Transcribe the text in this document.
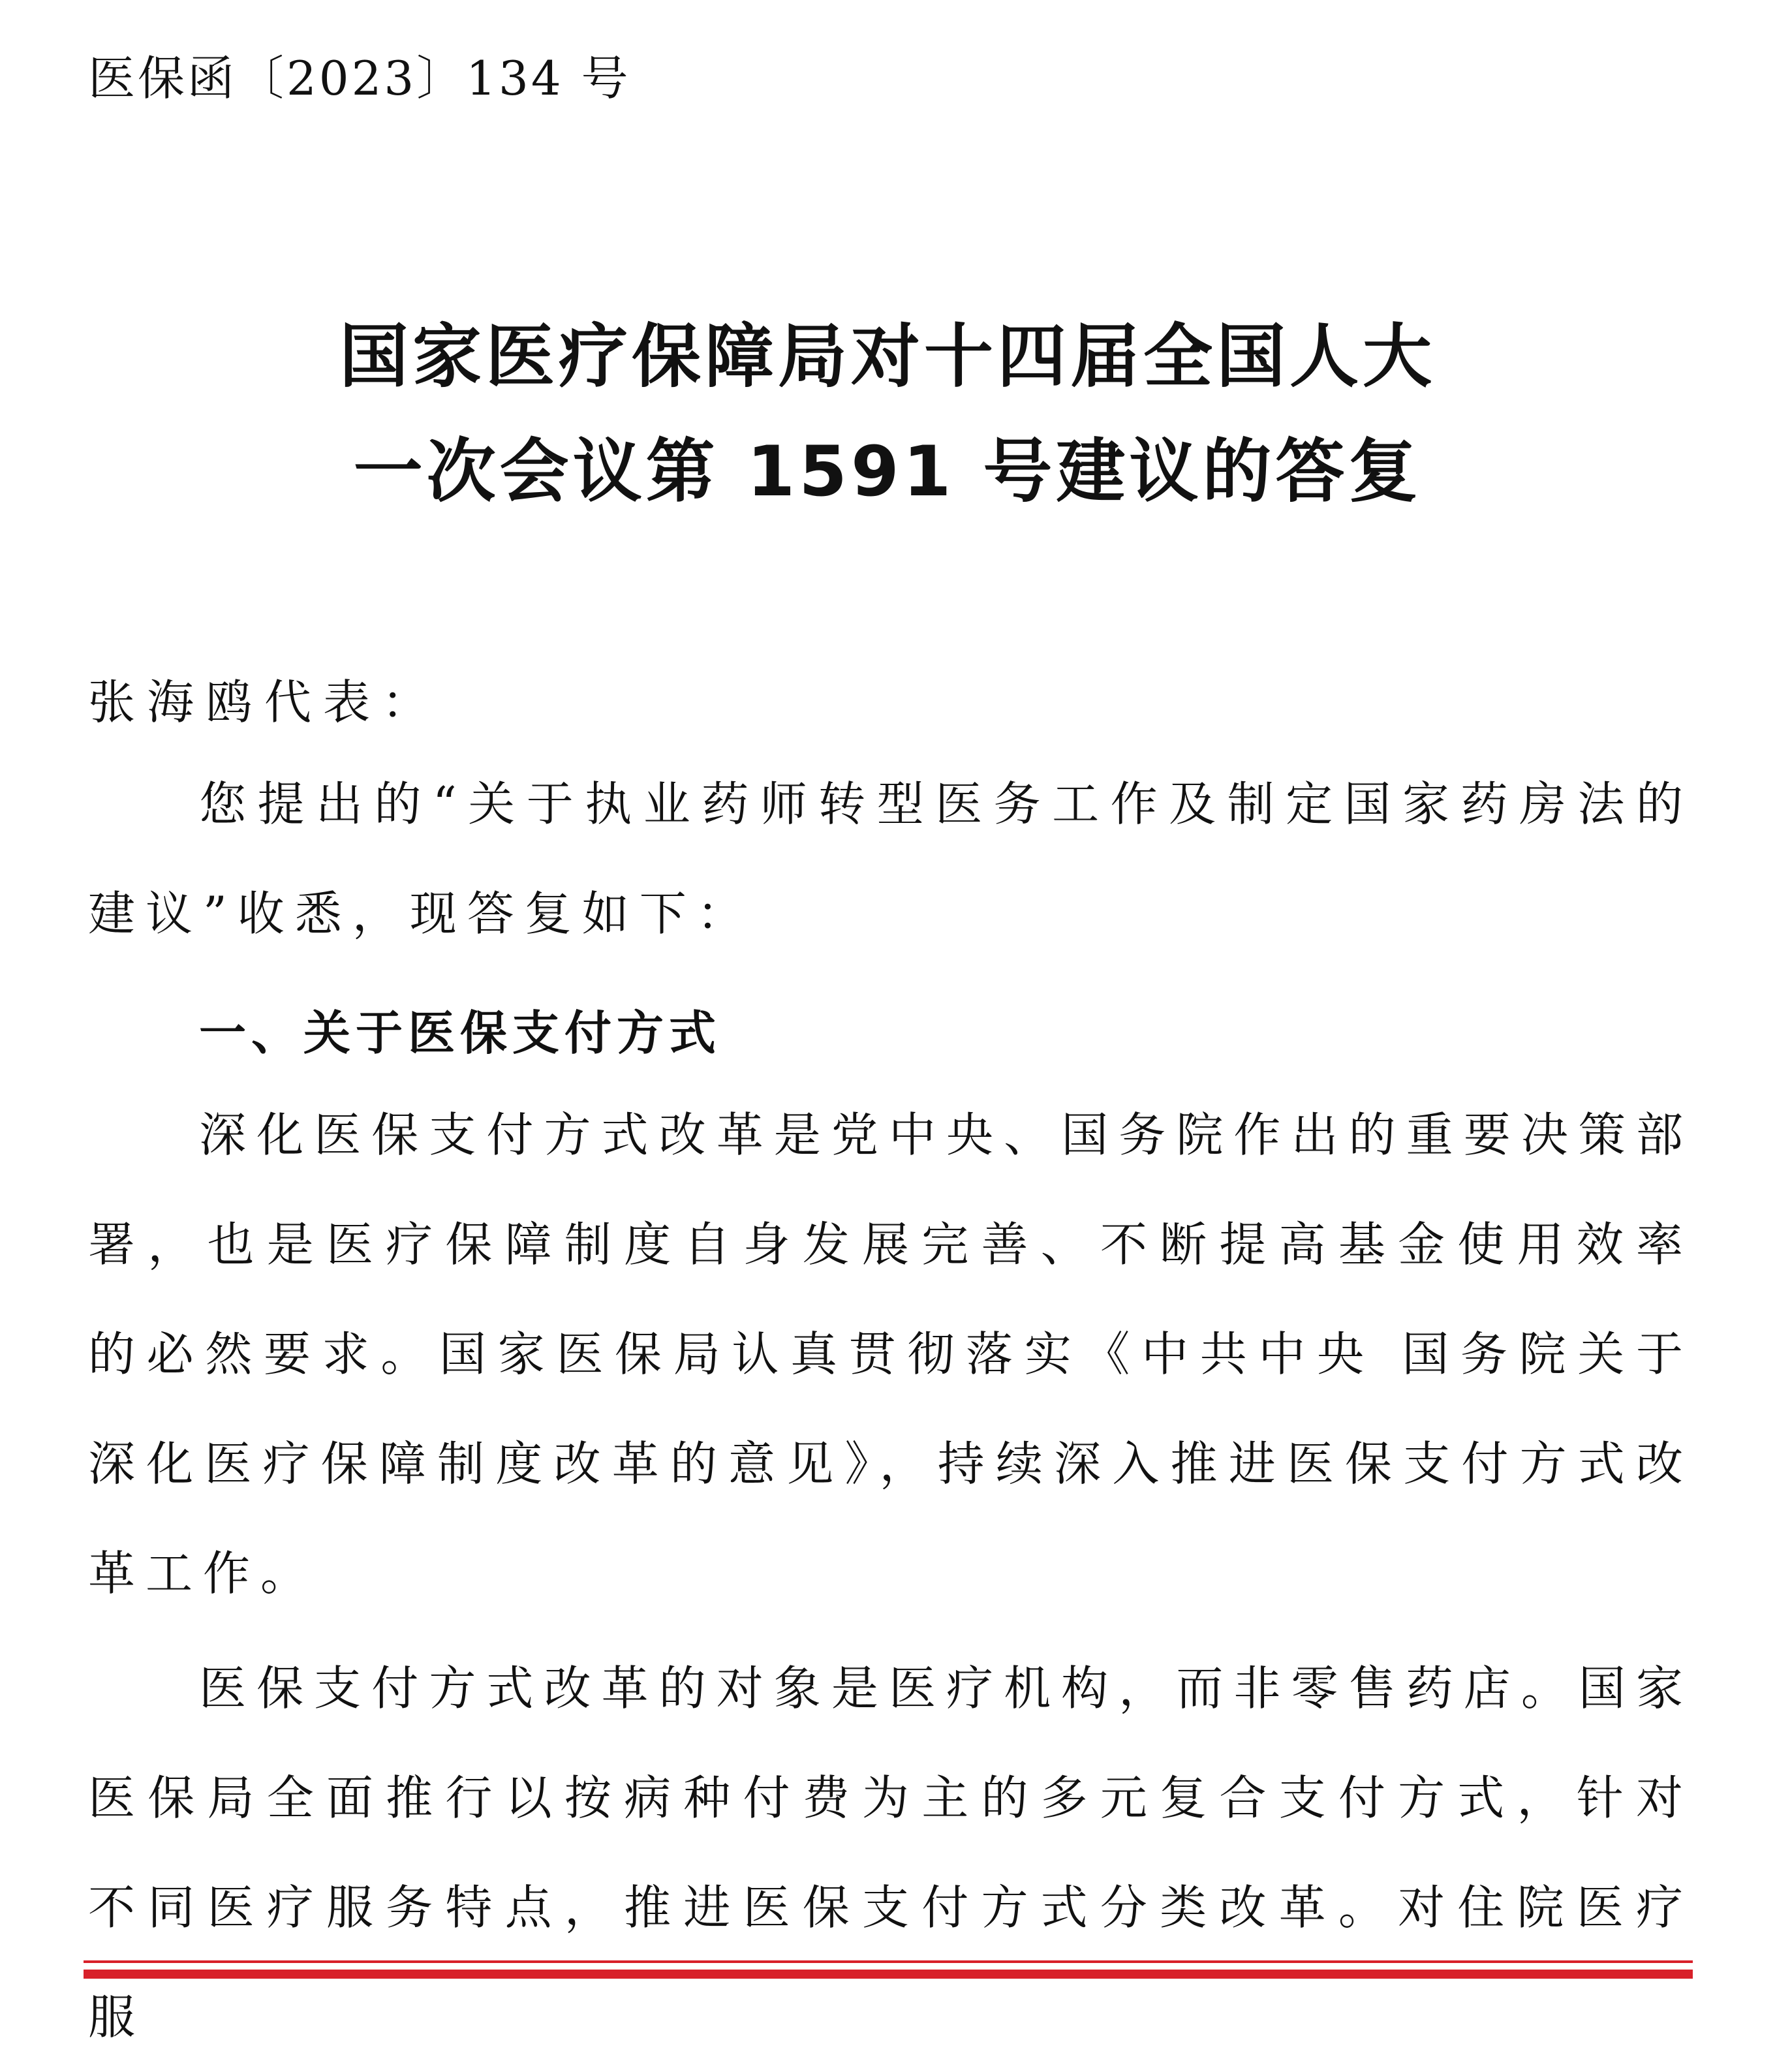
医保函〔2023〕134 号
国家医疗保障局对十四届全国人大
一次会议第 1591 号建议的答复
张海鸥代表：

您提出的“关于执业药师转型医务工作及制定国家药房法的建议”收悉，现答复如下：

一、关于医保支付方式

深化医保支付方式改革是党中央、国务院作出的重要决策部署，也是医疗保障制度自身发展完善、不断提高基金使用效率的必然要求。国家医保局认真贯彻落实《中共中央 国务院关于深化医疗保障制度改革的意见》，持续深入推进医保支付方式改革工作。

医保支付方式改革的对象是医疗机构，而非零售药店。国家医保局全面推行以按病种付费为主的多元复合支付方式，针对不同医疗服务特点，推进医保支付方式分类改革。对住院医疗服
